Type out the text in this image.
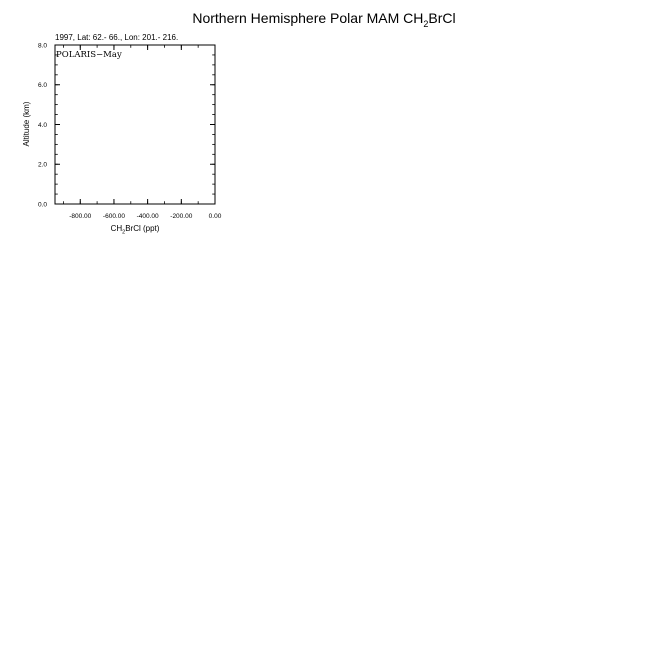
Northern Hemisphere Polar MAM $CH_2BrCl$
1997, Lat: 62.- 66., Lon: 201.- 216.
POLARIS−May
-800.00 -600.00 -400.00 -200.00	0.00
0.0
2.0
4.0
6.0
8.0
$CH_2BrCl$ (ppt)
Altitude (km)
